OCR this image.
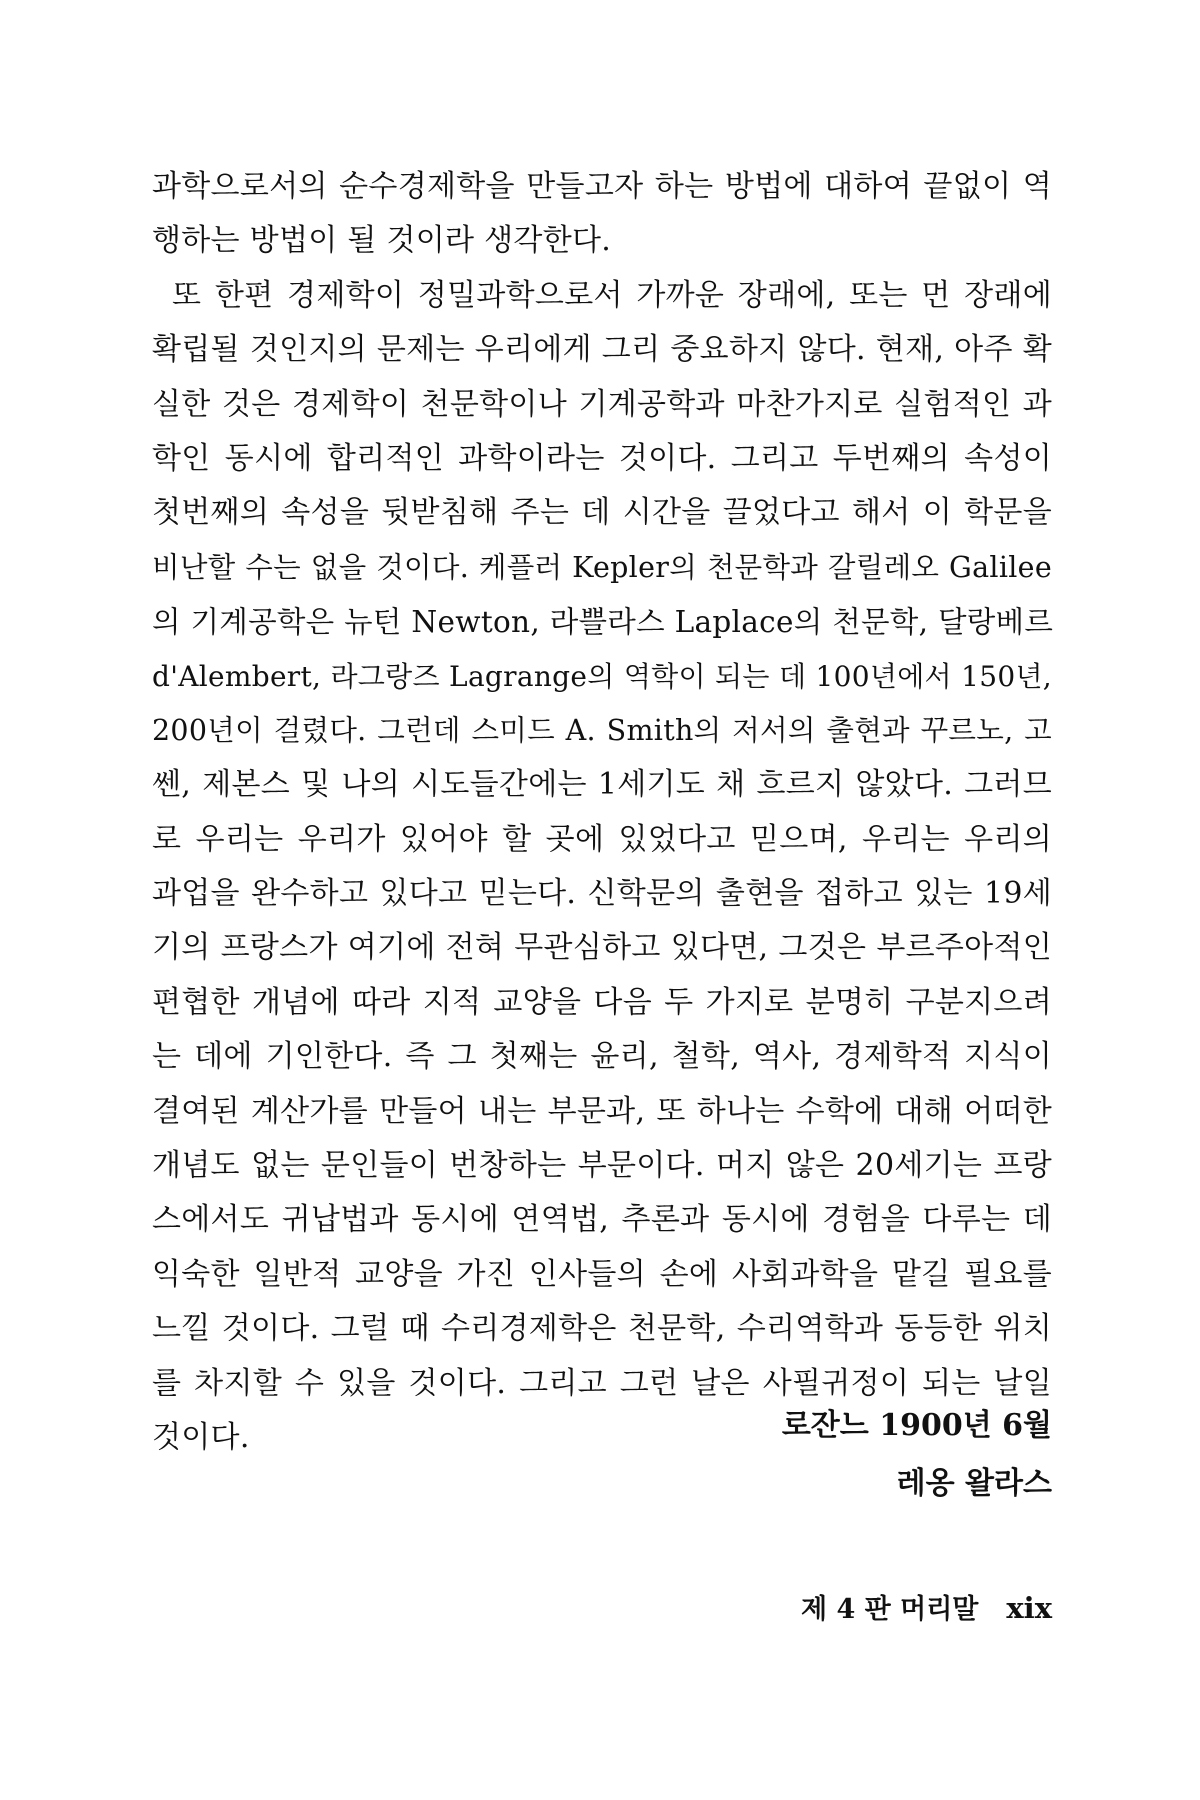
과학으로서의 순수경제학을 만들고자 하는 방법에 대하여 끝없이 역
행하는 방법이 될 것이라 생각한다.
또 한편 경제학이 정밀과학으로서 가까운 장래에, 또는 먼 장래에
확립될 것인지의 문제는 우리에게 그리 중요하지 않다. 현재, 아주 확
실한 것은 경제학이 천문학이나 기계공학과 마찬가지로 실험적인 과
학인 동시에 합리적인 과학이라는 것이다. 그리고 두번째의 속성이
첫번째의 속성을 뒷받침해 주는 데 시간을 끌었다고 해서 이 학문을
비난할 수는 없을 것이다. 케플러 Kepler의 천문학과 갈릴레오 Galilee
의 기계공학은 뉴턴 Newton, 라쁠라스 Laplace의 천문학, 달랑베르
d'Alembert, 라그랑즈 Lagrange의 역학이 되는 데 100년에서 150년,
200년이 걸렸다. 그런데 스미드 A. Smith의 저서의 출현과 꾸르노, 고
쎈, 제본스 및 나의 시도들간에는 1세기도 채 흐르지 않았다. 그러므
로 우리는 우리가 있어야 할 곳에 있었다고 믿으며, 우리는 우리의
과업을 완수하고 있다고 믿는다. 신학문의 출현을 접하고 있는 19세
기의 프랑스가 여기에 전혀 무관심하고 있다면, 그것은 부르주아적인
편협한 개념에 따라 지적 교양을 다음 두 가지로 분명히 구분지으려
는 데에 기인한다. 즉 그 첫째는 윤리, 철학, 역사, 경제학적 지식이
결여된 계산가를 만들어 내는 부문과, 또 하나는 수학에 대해 어떠한
개념도 없는 문인들이 번창하는 부문이다. 머지 않은 20세기는 프랑
스에서도 귀납법과 동시에 연역법, 추론과 동시에 경험을 다루는 데
익숙한 일반적 교양을 가진 인사들의 손에 사회과학을 맡길 필요를
느낄 것이다. 그럴 때 수리경제학은 천문학, 수리역학과 동등한 위치
를 차지할 수 있을 것이다. 그리고 그런 날은 사필귀정이 되는 날일
것이다.	로잔느 1900년 6월
레옹 왈라스
제 4 판 머리말 xix
